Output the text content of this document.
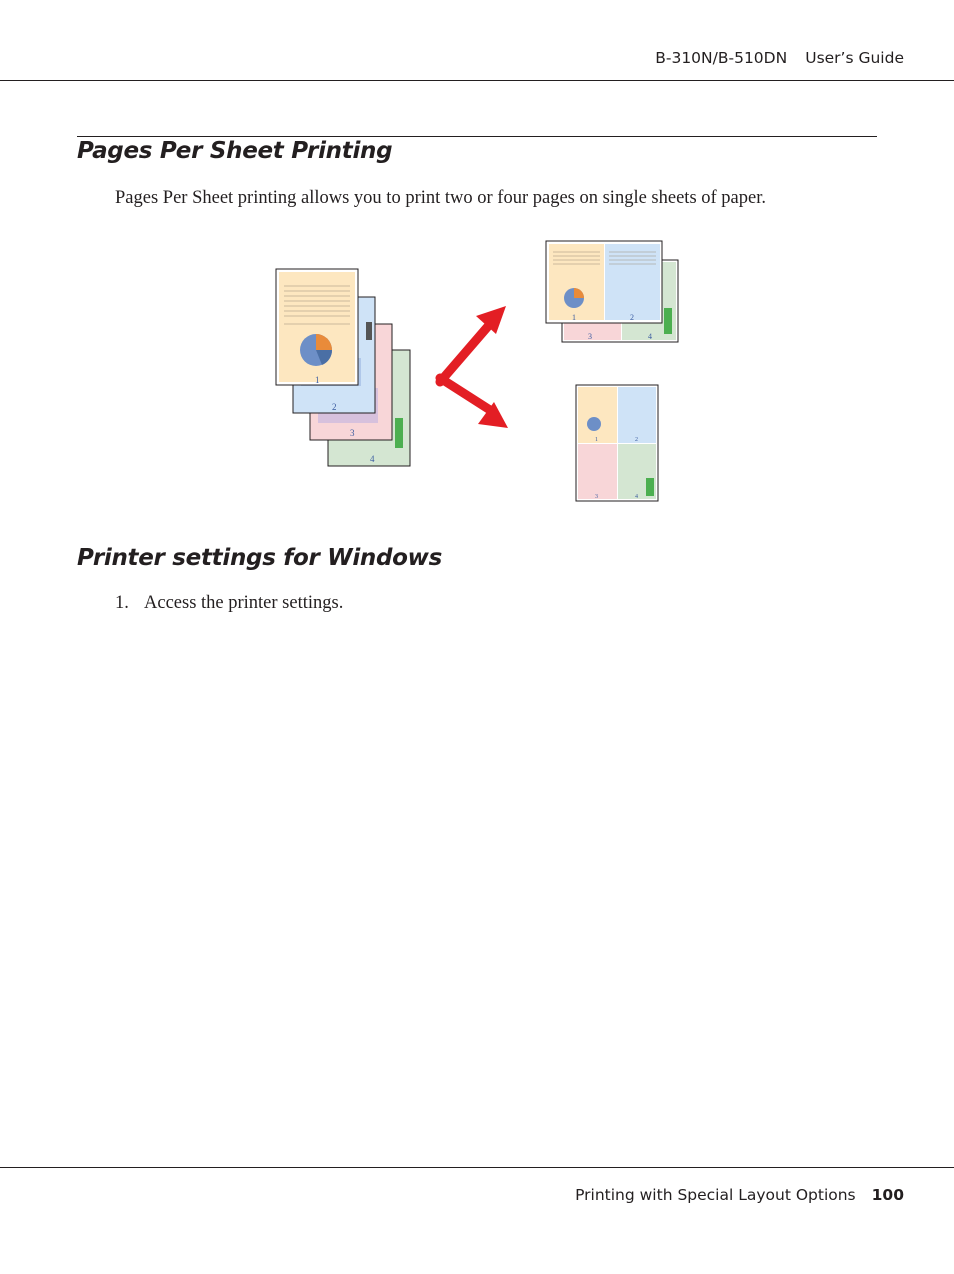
B-310N/B-510DN User’s Guide
Pages Per Sheet Printing
Pages Per Sheet printing allows you to print two or four pages on single sheets of paper.
4
3
2
1
3	4
1	2
1	2
3	4
Printer settings for Windows
1. Access the printer settings.
Printing with Special Layout Options 100
